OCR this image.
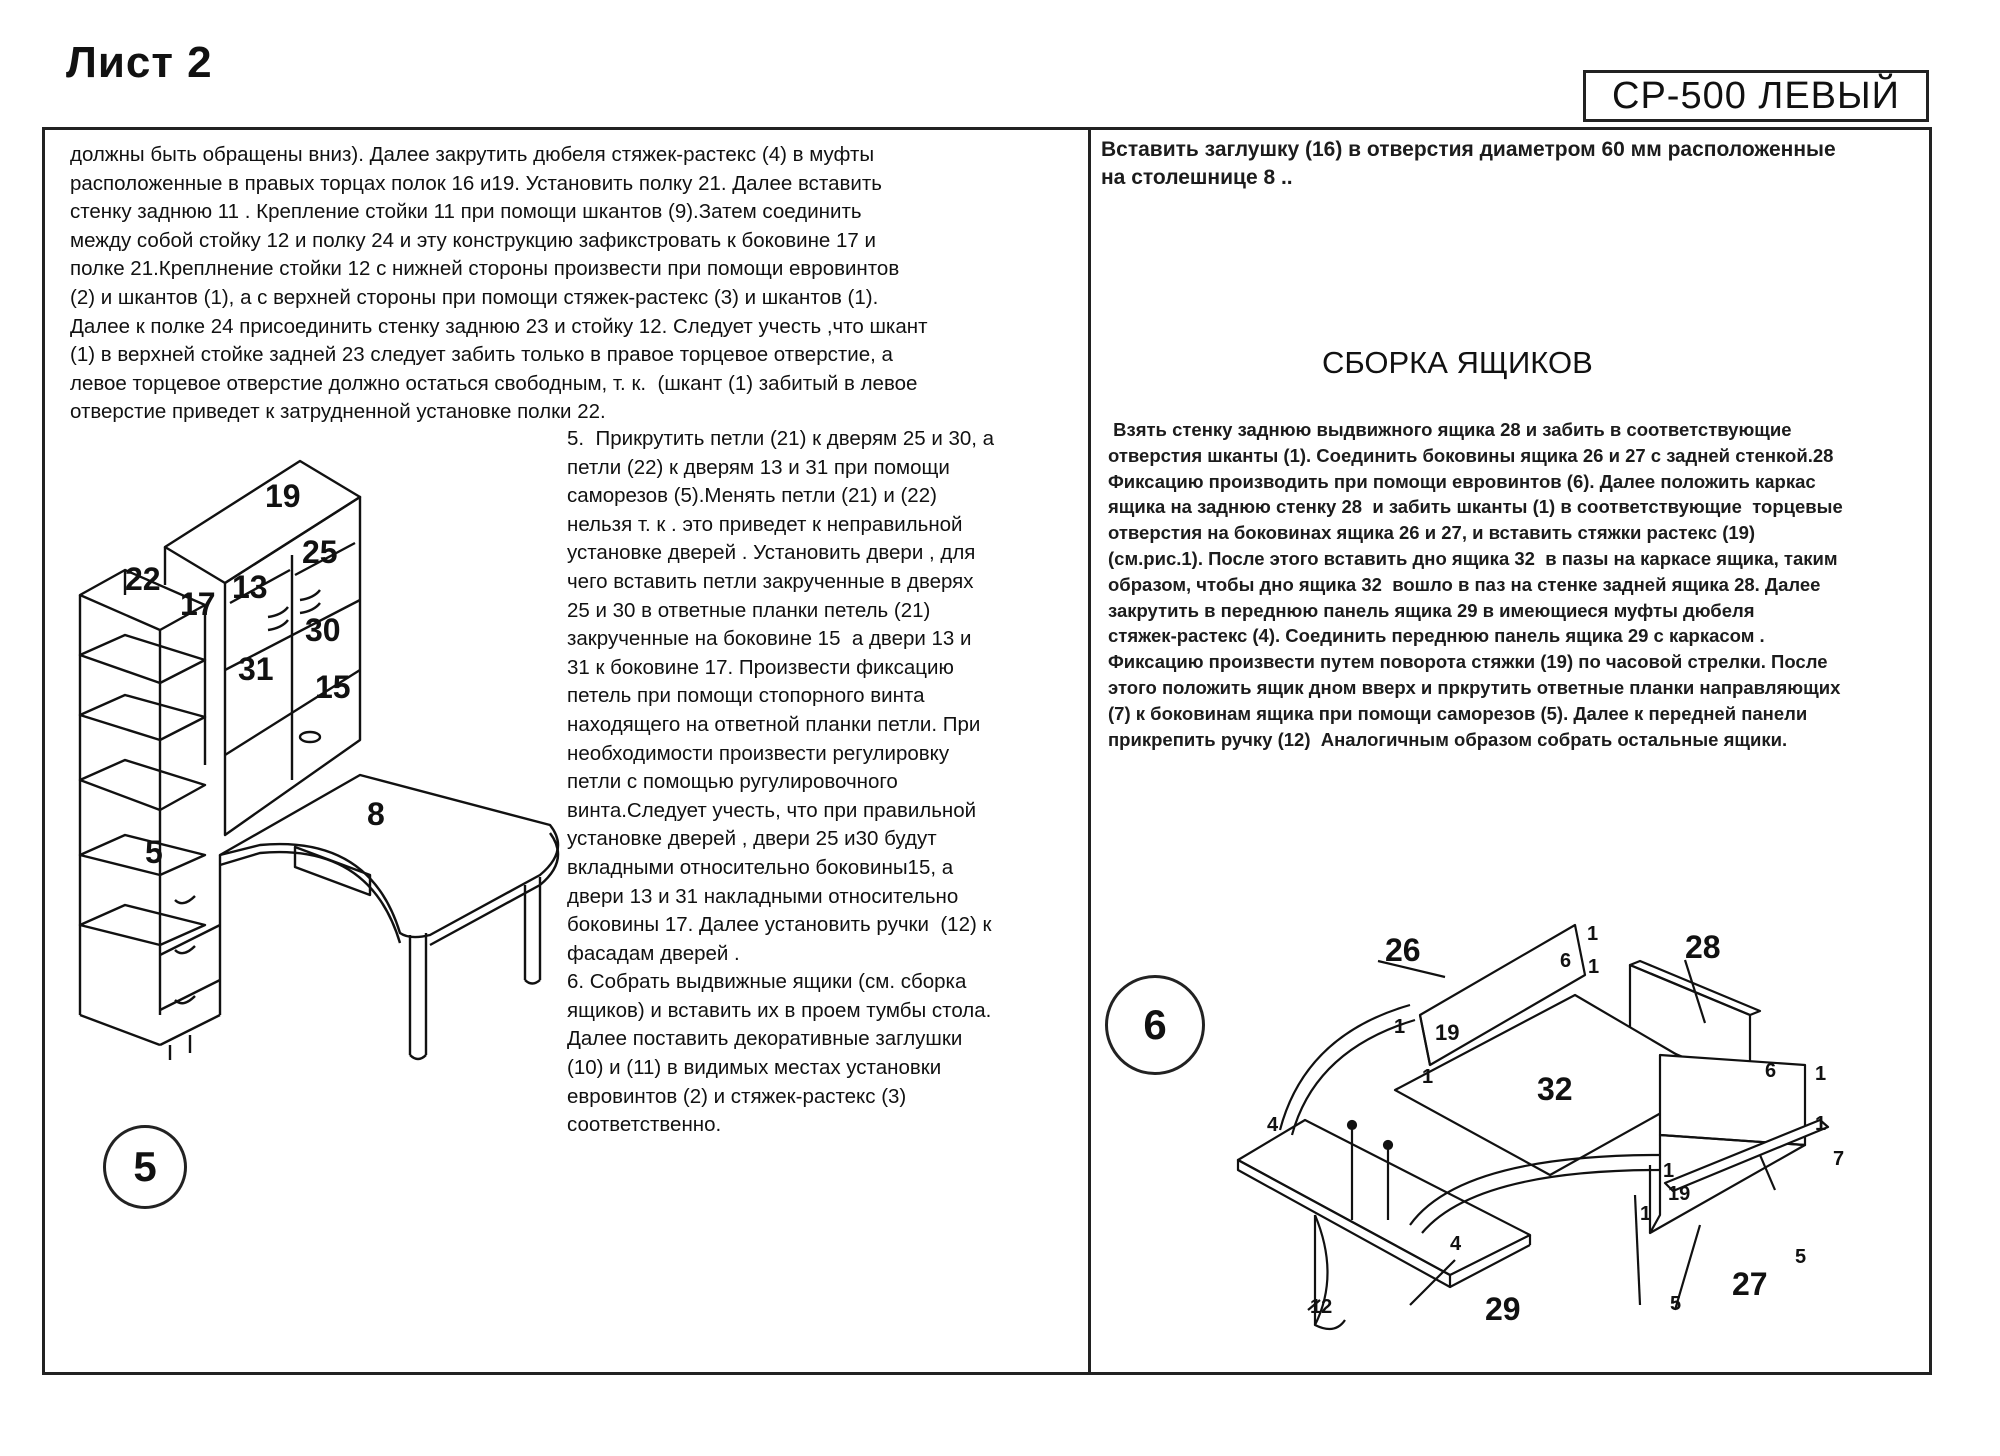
Лист 2
СР-500 ЛЕВЫЙ
должны быть обращены вниз). Далее закрутить дюбеля стяжек-растекс (4) в муфты
расположенные в правых торцах полок 16 и19. Установить полку 21. Далее вставить
стенку заднюю 11 . Крепление стойки 11 при помощи шкантов (9).Затем соединить
между собой стойку 12 и полку 24 и эту конструкцию зафикстровать к боковине 17 и
полке 21.Креплнение стойки 12 с нижней стороны произвести при помощи евровинтов
(2) и шкантов (1), а с верхней стороны при помощи стяжек-растекс (3) и шкантов (1).
Далее к полке 24 присоединить стенку заднюю 23 и стойку 12. Следует учесть ,что шкант
(1) в верхней стойке задней 23 следует забить только в правое торцевое отверстие, а
левое торцевое отверстие должно остаться свободным, т. к.  (шкант (1) забитый в левое
отверстие приведет к затрудненной установке полки 22.
5.  Прикрутить петли (21) к дверям 25 и 30, а
петли (22) к дверям 13 и 31 при помощи
саморезов (5).Менять петли (21) и (22)
нельзя т. к . это приведет к неправильной
установке дверей . Установить двери , для
чего вставить петли закрученные в дверях
25 и 30 в ответные планки петель (21)
закрученные на боковине 15  а двери 13 и
31 к боковине 17. Произвести фиксацию
петель при помощи стопорного винта
находящего на ответной планки петли. При
необходимости произвести регулировку
петли с помощью ругулировочного
винта.Следует учесть, что при правильной
установке дверей , двери 25 и30 будут
вкладными относительно боковины15, а
двери 13 и 31 накладными относительно
боковины 17. Далее установить ручки  (12) к
фасадам дверей .
6. Собрать выдвижные ящики (см. сборка
ящиков) и вставить их в проем тумбы стола.
Далее поставить декоративные заглушки
(10) и (11) в видимых местах установки
евровинтов (2) и стяжек-растекс (3)
соответственно.
19
22
25
17 13
30
31 15
8
5
5
Вставить заглушку (16) в отверстия диаметром 60 мм расположенные
на столешнице 8 ..
СБОРКА ЯЩИКОВ
Взять стенку заднюю выдвижного ящика 28 и забить в соответствующие
отверстия шканты (1). Соединить боковины ящика 26 и 27 с задней стенкой.28
Фиксацию производить при помощи евровинтов (6). Далее положить каркас
ящика на заднюю стенку 28  и забить шканты (1) в соответствующие  торцевые
отверстия на боковинах ящика 26 и 27, и вставить стяжки растекс (19)
(см.рис.1). После этого вставить дно ящика 32  в пазы на каркасе ящика, таким
образом, чтобы дно ящика 32  вошло в паз на стенке задней ящика 28. Далее
закрутить в переднюю панель ящика 29 в имеющиеся муфты дюбеля
стяжек-растекс (4). Соединить переднюю панель ящика 29 с каркасом .
Фиксацию произвести путем поворота стяжки (19) по часовой стрелки. После
этого положить ящик дном вверх и пркрутить ответные планки направляющих
(7) к боковинам ящика при помощи саморезов (5). Далее к передней панели
прикрепить ручку (12)  Аналогичным образом собрать остальные ящики.
26	1
6 1
28
1 19
1	32	6 1
1
4
1
19
7
1
4
5
5
27
12	29
6
